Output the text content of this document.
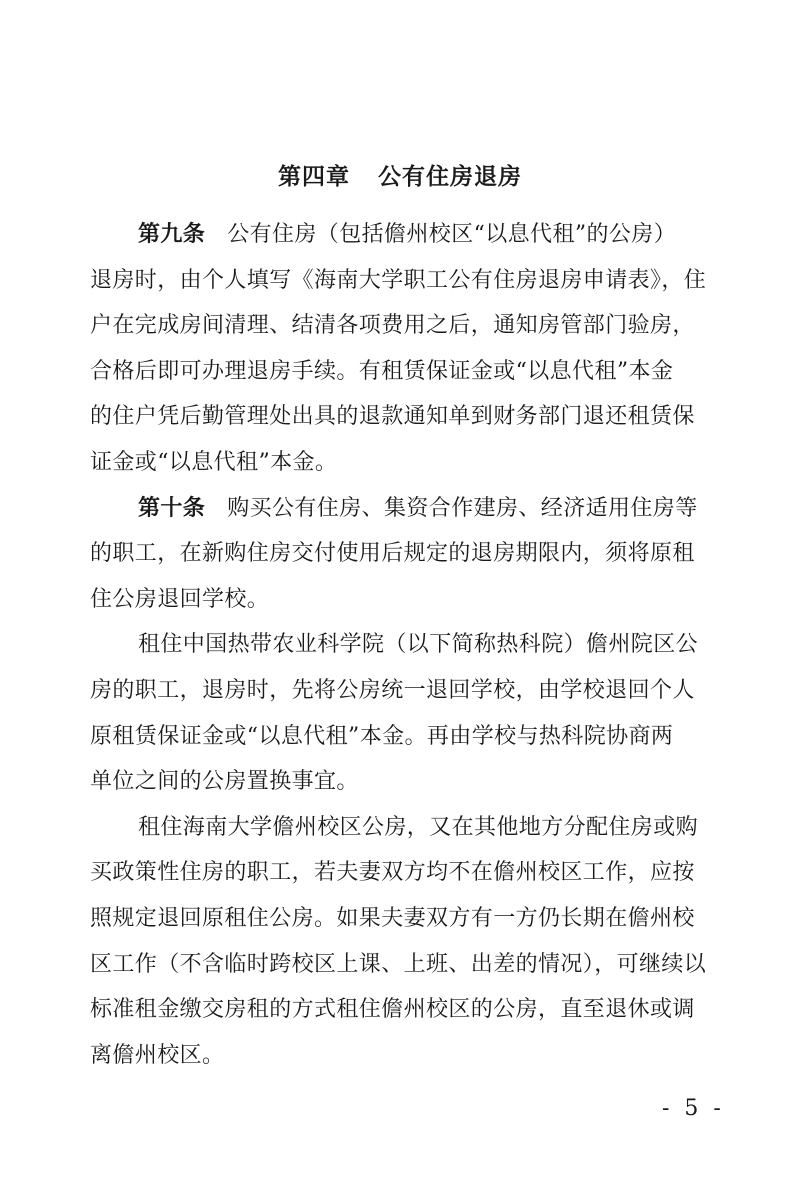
第四章 公有住房退房
第九条 公有住房（包括儋州校区“以息代租”的公房）
退房时，由个人填写《海南大学职工公有住房退房申请表》，住
户在完成房间清理、结清各项费用之后，通知房管部门验房，
合格后即可办理退房手续。有租赁保证金或“以息代租”本金
的住户凭后勤管理处出具的退款通知单到财务部门退还租赁保
证金或“以息代租”本金。
第十条 购买公有住房、集资合作建房、经济适用住房等
的职工，在新购住房交付使用后规定的退房期限内，须将原租
住公房退回学校。
租住中国热带农业科学院（以下简称热科院）儋州院区公
房的职工，退房时，先将公房统一退回学校，由学校退回个人
原租赁保证金或“以息代租”本金。再由学校与热科院协商两
单位之间的公房置换事宜。
租住海南大学儋州校区公房，又在其他地方分配住房或购
买政策性住房的职工，若夫妻双方均不在儋州校区工作，应按
照规定退回原租住公房。如果夫妻双方有一方仍长期在儋州校
区工作（不含临时跨校区上课、上班、出差的情况），可继续以
标准租金缴交房租的方式租住儋州校区的公房，直至退休或调
离儋州校区。
- 5 -
